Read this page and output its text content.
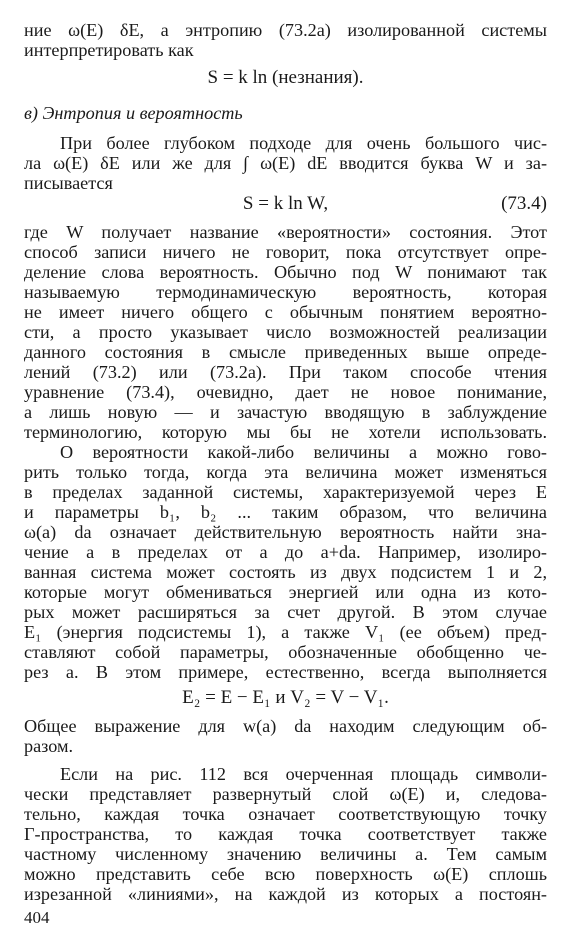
ние ω(E) δE, а энтропию (73.2а) изолированной системы
интерпретировать как
S = k ln (незнания).
в) Энтропия и вероятность
При более глубоком подходе для очень большого чис-
ла ω(E) δE или же для ∫ ω(E) dE вводится буква W и за-
писывается
S = k ln W,	(73.4)
где W получает название «вероятности» состояния. Этот
способ записи ничего не говорит, пока отсутствует опре-
деление слова вероятность. Обычно под W понимают так
называемую термодинамическую вероятность, которая
не имеет ничего общего с обычным понятием вероятно-
сти, а просто указывает число возможностей реализации
данного состояния в смысле приведенных выше опреде-
лений (73.2) или (73.2а). При таком способе чтения
уравнение (73.4), очевидно, дает не новое понимание,
а лишь новую — и зачастую вводящую в заблуждение
терминологию, которую мы бы не хотели использовать.
О вероятности какой-либо величины a можно гово-
рить только тогда, когда эта величина может изменяться
в пределах заданной системы, характеризуемой через E
и параметры b₁, b₂ ... таким образом, что величина
ω(a) da означает действительную вероятность найти зна-
чение a в пределах от a до a+da. Например, изолиро-
ванная система может состоять из двух подсистем 1 и 2,
которые могут обмениваться энергией или одна из кото-
рых может расширяться за счет другой. В этом случае
E₁ (энергия подсистемы 1), а также V₁ (ее объем) пред-
ставляют собой параметры, обозначенные обобщенно че-
рез a. В этом примере, естественно, всегда выполняется
E₂ = E − E₁ и V₂ = V − V₁.
Общее выражение для w(a) da находим следующим об-
разом.
Если на рис. 112 вся очерченная площадь символи-
чески представляет развернутый слой ω(E) и, следова-
тельно, каждая точка означает соответствующую точку
Г-пространства, то каждая точка соответствует также
частному численному значению величины a. Тем самым
можно представить себе всю поверхность ω(E) сплошь
изрезанной «линиями», на каждой из которых a постоян-
404
